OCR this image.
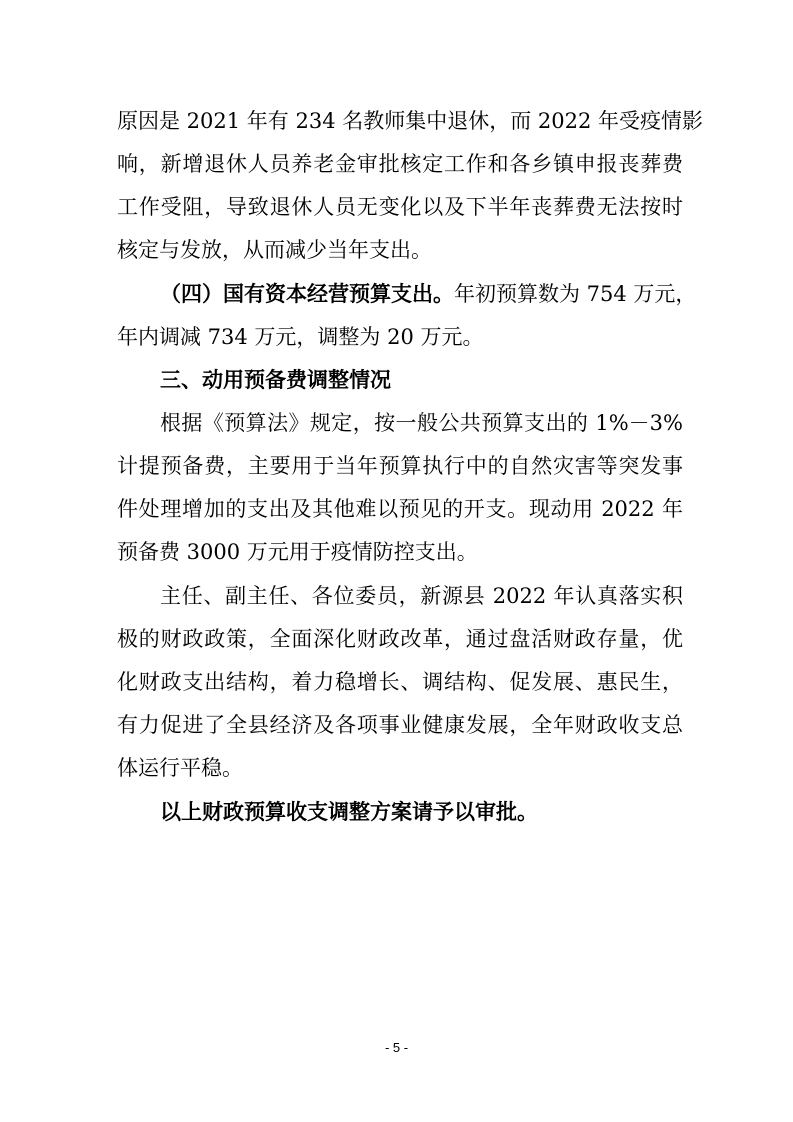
原因是 2021 年有 234 名教师集中退休，而 2022 年受疫情影
响，新增退休人员养老金审批核定工作和各乡镇申报丧葬费
工作受阻，导致退休人员无变化以及下半年丧葬费无法按时
核定与发放，从而减少当年支出。
（四）国有资本经营预算支出。年初预算数为 754 万元，
年内调减 734 万元，调整为 20 万元。
三、动用预备费调整情况
根据《预算法》规定，按一般公共预算支出的 1%－3%
计提预备费，主要用于当年预算执行中的自然灾害等突发事
件处理增加的支出及其他难以预见的开支。现动用 2022 年
预备费 3000 万元用于疫情防控支出。
主任、副主任、各位委员，新源县 2022 年认真落实积
极的财政政策，全面深化财政改革，通过盘活财政存量，优
化财政支出结构，着力稳增长、调结构、促发展、惠民生，
有力促进了全县经济及各项事业健康发展，全年财政收支总
体运行平稳。
以上财政预算收支调整方案请予以审批。
- 5 -
